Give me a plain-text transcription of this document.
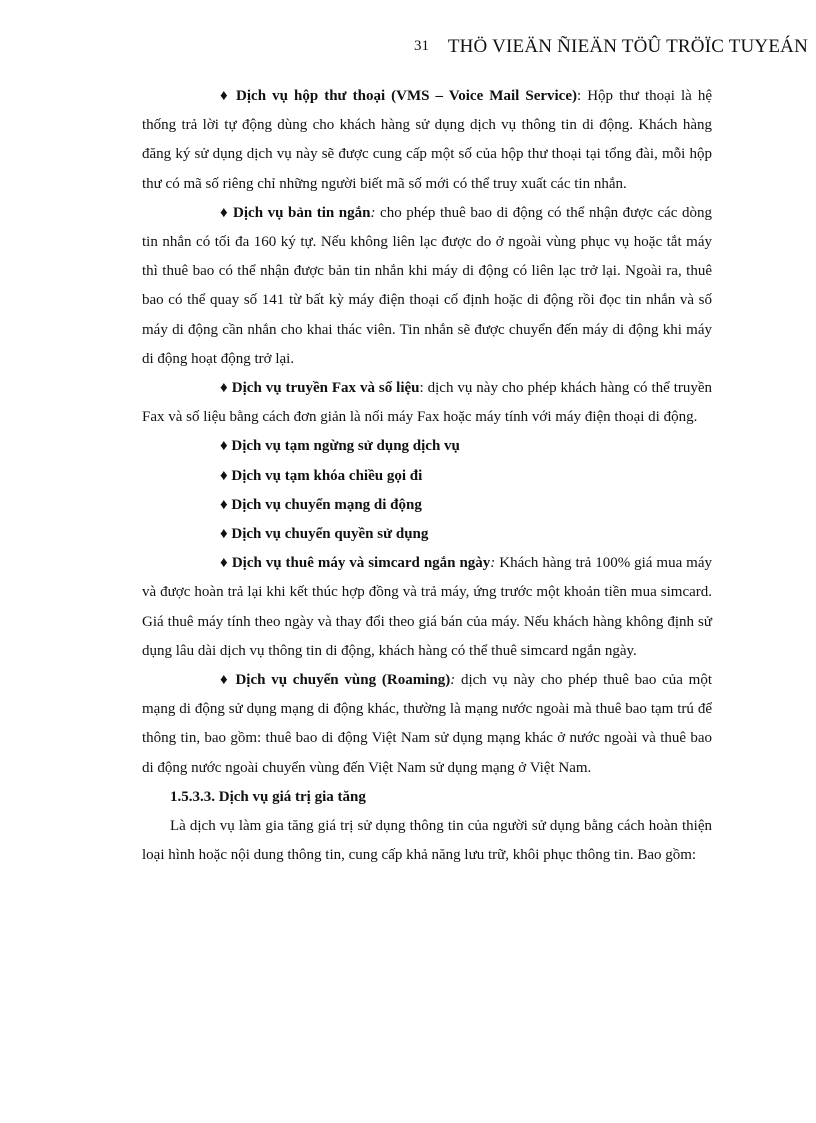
31 THÖ VIEÄN ÑIEÄN TÖÛ TRÖÏC TUYEÁN

♦ Dịch vụ hộp thư thoại (VMS – Voice Mail Service): Hộp thư thoại là hệ thống trả lời tự động dùng cho khách hàng sử dụng dịch vụ thông tin di động. Khách hàng đăng ký sử dụng dịch vụ này sẽ được cung cấp một số của hộp thư thoại tại tổng đài, mỗi hộp thư có mã số riêng chỉ những người biết mã số mới có thể truy xuất các tin nhắn.

♦ Dịch vụ bản tin ngắn: cho phép thuê bao di động có thể nhận được các dòng tin nhắn có tối đa 160 ký tự. Nếu không liên lạc được do ở ngoài vùng phục vụ hoặc tắt máy thì thuê bao có thể nhận được bản tin nhắn khi máy di động có liên lạc trở lại. Ngoài ra, thuê bao có thể quay số 141 từ bất kỳ máy điện thoại cố định hoặc di động rồi đọc tin nhắn và số máy di động cần nhắn cho khai thác viên. Tin nhắn sẽ được chuyển đến máy di động khi máy di động hoạt động trở lại.

♦ Dịch vụ truyền Fax và số liệu: dịch vụ này cho phép khách hàng có thể truyền Fax và số liệu bằng cách đơn giản là nối máy Fax hoặc máy tính với máy điện thoại di động.

♦ Dịch vụ tạm ngừng sử dụng dịch vụ

♦ Dịch vụ tạm khóa chiều gọi đi

♦ Dịch vụ chuyển mạng di động

♦ Dịch vụ chuyển quyền sử dụng

♦ Dịch vụ thuê máy và simcard ngắn ngày: Khách hàng trả 100% giá mua máy và được hoàn trả lại khi kết thúc hợp đồng và trả máy, ứng trước một khoản tiền mua simcard. Giá thuê máy tính theo ngày và thay đổi theo giá bán của máy. Nếu khách hàng không định sử dụng lâu dài dịch vụ thông tin di động, khách hàng có thể thuê simcard ngắn ngày.

♦ Dịch vụ chuyển vùng (Roaming): dịch vụ này cho phép thuê bao của một mạng di động sử dụng mạng di động khác, thường là mạng nước ngoài mà thuê bao tạm trú để thông tin, bao gồm: thuê bao di động Việt Nam sử dụng mạng khác ở nước ngoài và thuê bao di động nước ngoài chuyển vùng đến Việt Nam sử dụng mạng ở Việt Nam.

1.5.3.3. Dịch vụ giá trị gia tăng

Là dịch vụ làm gia tăng giá trị sử dụng thông tin của người sử dụng bằng cách hoàn thiện loại hình hoặc nội dung thông tin, cung cấp khả năng lưu trữ, khôi phục thông tin. Bao gồm:
